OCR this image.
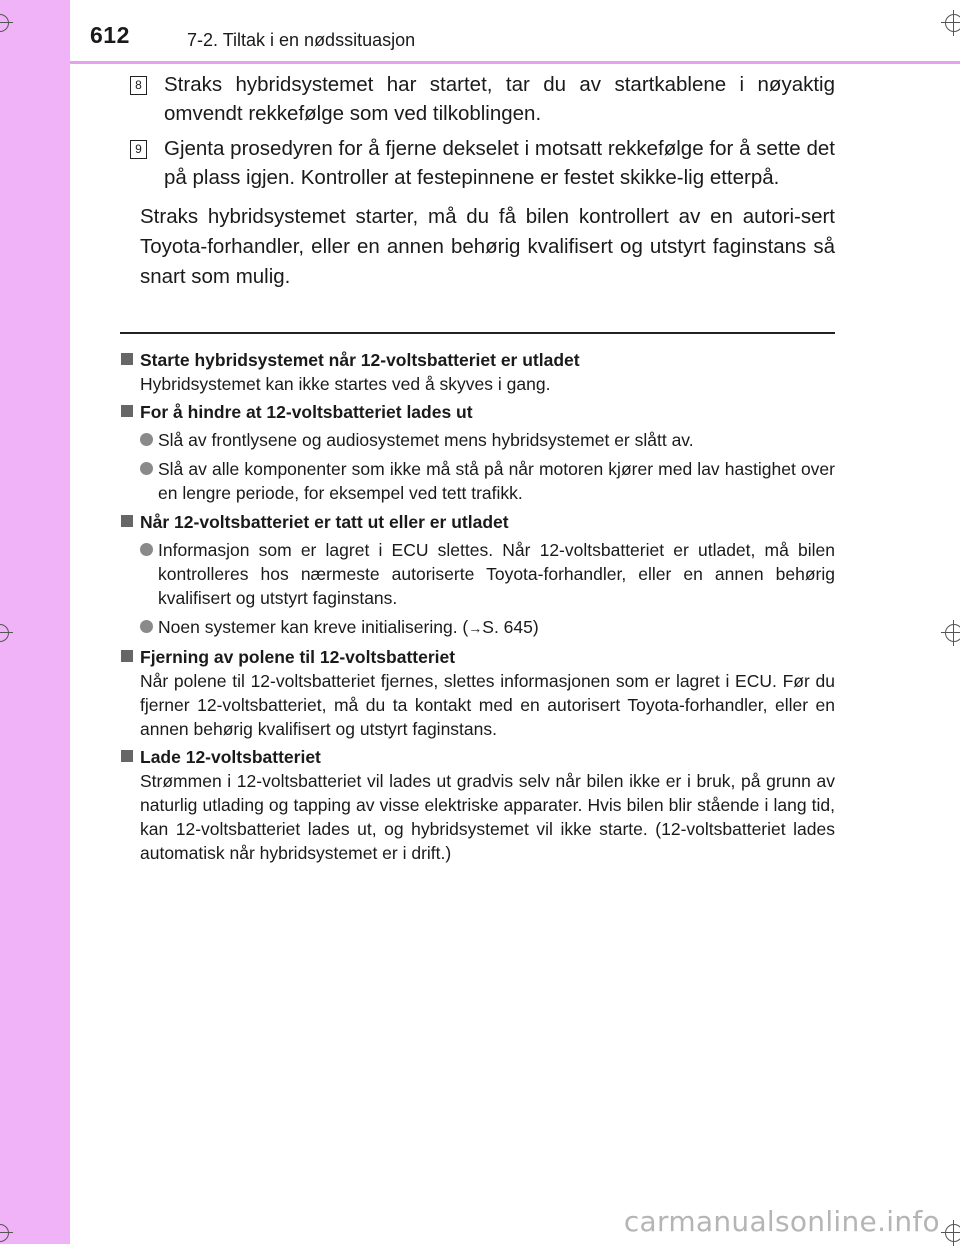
612	7-2. Tiltak i en nødssituasjon
8 Straks hybridsystemet har startet, tar du av startkablene i nøyaktig omvendt rekkefølge som ved tilkoblingen.
9 Gjenta prosedyren for å fjerne dekselet i motsatt rekkefølge for å sette det på plass igjen. Kontroller at festepinnene er festet skikke-lig etterpå.
Straks hybridsystemet starter, må du få bilen kontrollert av en autori-sert Toyota-forhandler, eller en annen behørig kvalifisert og utstyrt faginstans så snart som mulig.
Starte hybridsystemet når 12-voltsbatteriet er utladet
Hybridsystemet kan ikke startes ved å skyves i gang.
For å hindre at 12-voltsbatteriet lades ut
Slå av frontlysene og audiosystemet mens hybridsystemet er slått av.
Slå av alle komponenter som ikke må stå på når motoren kjører med lav hastighet over en lengre periode, for eksempel ved tett trafikk.
Når 12-voltsbatteriet er tatt ut eller er utladet
Informasjon som er lagret i ECU slettes. Når 12-voltsbatteriet er utladet, må bilen kontrolleres hos nærmeste autoriserte Toyota-forhandler, eller en annen behørig kvalifisert og utstyrt faginstans.
Noen systemer kan kreve initialisering. (→S. 645)
Fjerning av polene til 12-voltsbatteriet
Når polene til 12-voltsbatteriet fjernes, slettes informasjonen som er lagret i ECU. Før du fjerner 12-voltsbatteriet, må du ta kontakt med en autorisert Toyota-forhandler, eller en annen behørig kvalifisert og utstyrt faginstans.
Lade 12-voltsbatteriet
Strømmen i 12-voltsbatteriet vil lades ut gradvis selv når bilen ikke er i bruk, på grunn av naturlig utlading og tapping av visse elektriske apparater. Hvis bilen blir stående i lang tid, kan 12-voltsbatteriet lades ut, og hybridsystemet vil ikke starte. (12-voltsbatteriet lades automatisk når hybridsystemet er i drift.)
carmanualsonline.info
